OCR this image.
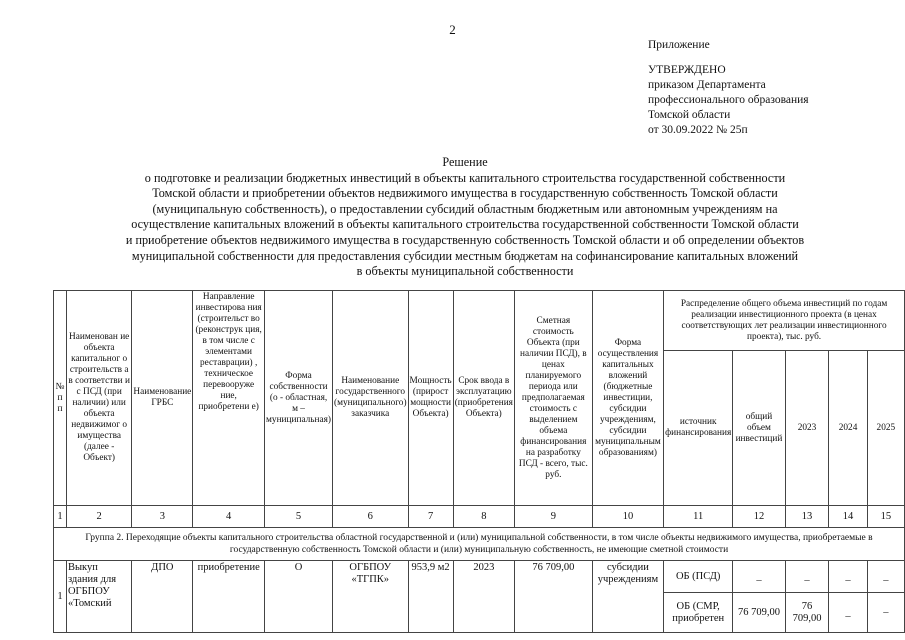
2
Приложение
УТВЕРЖДЕНО
приказом Департамента
профессионального образования
Томской области
от 30.09.2022 № 25п
Решение
о подготовке и реализации бюджетных инвестиций в объекты капитального строительства государственной собственности
Томской области и приобретении объектов недвижимого имущества в государственную собственность Томской области
(муниципальную собственность), о предоставлении субсидий областным бюджетным или автономным учреждениям на
осуществление капитальных вложений в объекты капитального строительства государственной собственности Томской области
и приобретение объектов недвижимого имущества в государственную собственность Томской области и об определении объектов
муниципальной собственности для предоставления субсидии местным бюджетам на софинансирование капитальных вложений
в объекты муниципальной собственности
№ п п	Наименован ие объекта капитальног о строительств а в соответстви и с ПСД (при наличии) или объекта недвижимог о имущества (далее - Объект)	Наименование ГРБС	Направление инвестирова ния (строительст во (реконструк ция, в том числе с элементами реставрации) , техническое перевооруже ние, приобретени е)	Форма собственности (о - областная, м – муниципальная)	Наименование государственного (муниципального) заказчика	Мощность (прирост мощности Объекта)	Срок ввода в эксплуатацию (приобретения Объекта)	Сметная стоимость Объекта (при наличии ПСД), в ценах планируемого периода или предполагаемая стоимость с выделением объема финансирования на разработку ПСД - всего, тыс. руб.	Форма осуществления капитальных вложений (бюджетные инвестиции, субсидии учреждениям, субсидии муниципальным образованиям)	Распределение общего объема инвестиций по годам реализации инвестиционного проекта (в ценах соответствующих лет реализации инвестиционного проекта), тыс. руб.				
										источник финансирования	общий объем инвестиций	2023	2024	2025
1	2	3	4	5	6	7	8	9	10	11	12	13	14	15
Группа 2. Переходящие объекты капитального строительства областной государственной и (или) муниципальной собственности, в том числе объекты недвижимого имущества, приобретаемые в государственную собственность Томской области и (или) муниципальную собственность, не имеющие сметной стоимости														
1	Выкуп здания для ОГБПОУ «Томский	ДПО	приобретение	О	ОГБПОУ «ТГПК»	953,9 м2	2023	76 709,00	субсидии учреждениям	ОБ (ПСД)	_	_	_	_
										ОБ (СМР, приобретен	76 709,00	76 709,00	_	–
